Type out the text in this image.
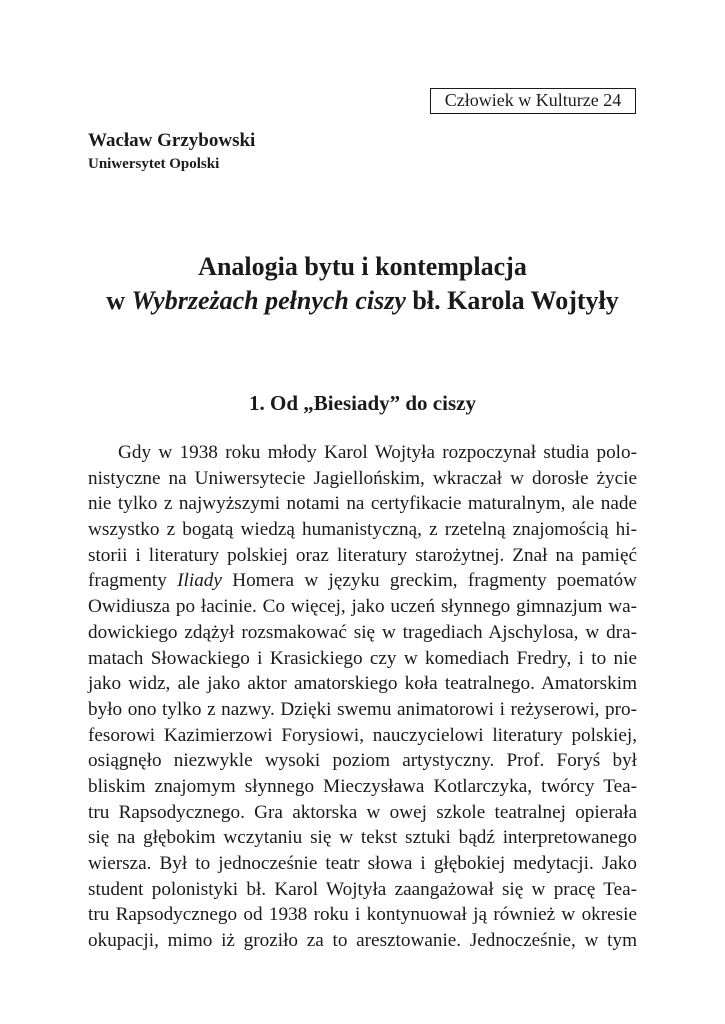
Człowiek w Kulturze 24
Wacław Grzybowski
Uniwersytet Opolski
Analogia bytu i kontemplacja
w Wybrzeżach pełnych ciszy bł. Karola Wojtyły
1. Od „Biesiady” do ciszy
Gdy w 1938 roku młody Karol Wojtyła rozpoczynał studia polo-
nistyczne na Uniwersytecie Jagiellońskim, wkraczał w dorosłe życie
nie tylko z najwyższymi notami na certyfikacie maturalnym, ale nade
wszystko z bogatą wiedzą humanistyczną, z rzetelną znajomością hi-
storii i literatury polskiej oraz literatury starożytnej. Znał na pamięć
fragmenty Iliady Homera w języku greckim, fragmenty poematów
Owidiusza po łacinie. Co więcej, jako uczeń słynnego gimnazjum wa-
dowickiego zdążył rozsmakować się w tragediach Ajschylosa, w dra-
matach Słowackiego i Krasickiego czy w komediach Fredry, i to nie
jako widz, ale jako aktor amatorskiego koła teatralnego. Amatorskim
było ono tylko z nazwy. Dzięki swemu animatorowi i reżyserowi, pro-
fesorowi Kazimierzowi Forysiowi, nauczycielowi literatury polskiej,
osiągnęło niezwykle wysoki poziom artystyczny. Prof. Foryś był
bliskim znajomym słynnego Mieczysława Kotlarczyka, twórcy Tea-
tru Rapsodycznego. Gra aktorska w owej szkole teatralnej opierała
się na głębokim wczytaniu się w tekst sztuki bądź interpretowanego
wiersza. Był to jednocześnie teatr słowa i głębokiej medytacji. Jako
student polonistyki bł. Karol Wojtyła zaangażował się w pracę Tea-
tru Rapsodycznego od 1938 roku i kontynuował ją również w okresie
okupacji, mimo iż groziło za to aresztowanie. Jednocześnie, w tym
